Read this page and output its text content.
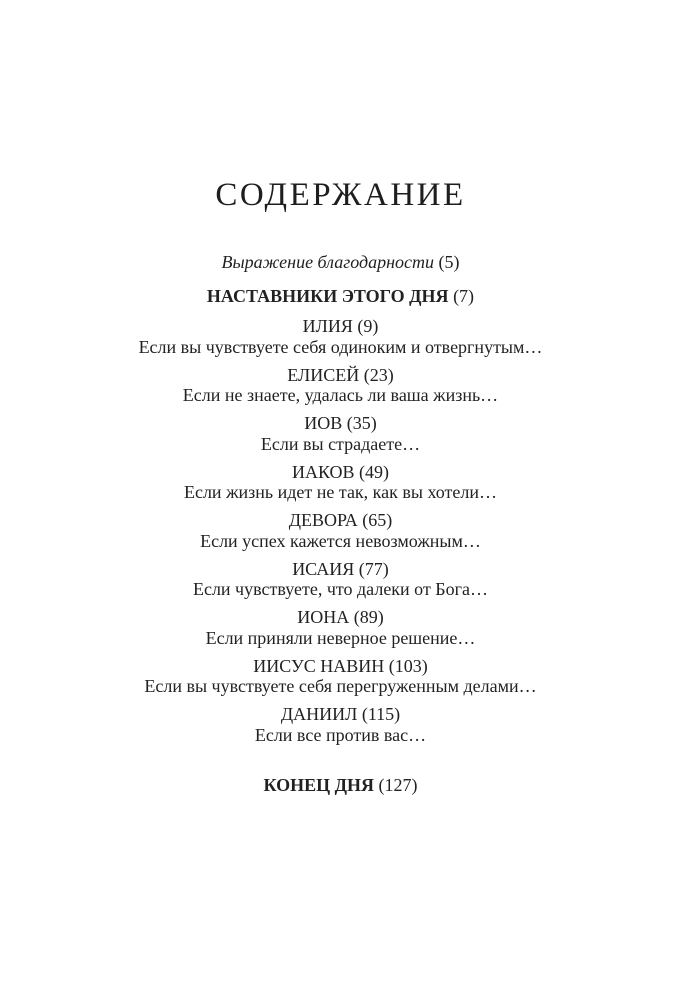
СОДЕРЖАНИЕ
Выражение благодарности (5)
НАСТАВНИКИ ЭТОГО ДНЯ (7)
ИЛИЯ (9)
Если вы чувствуете себя одиноким и отвергнутым…
ЕЛИСЕЙ (23)
Если не знаете, удалась ли ваша жизнь…
ИОВ (35)
Если вы страдаете…
ИАКОВ (49)
Если жизнь идет не так, как вы хотели…
ДЕВОРА (65)
Если успех кажется невозможным…
ИСАИЯ (77)
Если чувствуете, что далеки от Бога…
ИОНА (89)
Если приняли неверное решение…
ИИСУС НАВИН (103)
Если вы чувствуете себя перегруженным делами…
ДАНИИЛ (115)
Если все против вас…
КОНЕЦ ДНЯ (127)
